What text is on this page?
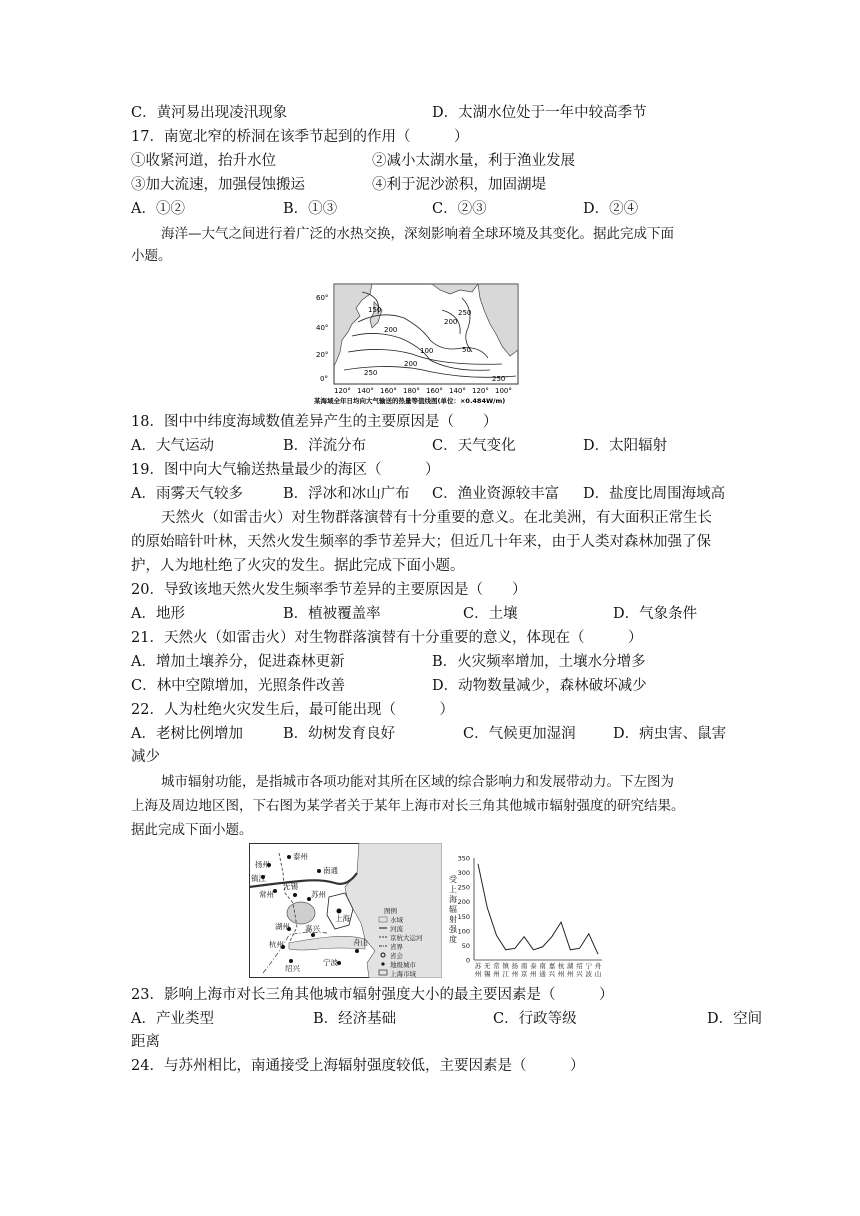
C．黄河易出现凌汛现象	D．太湖水位处于一年中较高季节
17．南宽北窄的桥洞在该季节起到的作用（　　　）
①收紧河道，抬升水位	②减小太湖水量，利于渔业发展
③加大流速，加强侵蚀搬运	④利于泥沙淤积，加固湖堤
A．①②	B．①③	C．②③	D．②④
海洋—大气之间进行着广泛的水热交换，深刻影响着全球环境及其变化。据此完成下面
小题。
150	250
200
200
100	50
250
250
200
60°
40°
20°
0°
120° 140° 160° 180° 160° 140° 120° 100°
某海域全年日均向大气输送的热量等值线图(单位：×0.484W/m)
18．图中中纬度海域数值差异产生的主要原因是（　　）
A．大气运动	B．洋流分布	C．天气变化	D．太阳辐射
19．图中向大气输送热量最少的海区（　　　）
A．雨雾天气较多	B．浮冰和冰山广布 C．渔业资源较丰富 D．盐度比周围海域高
天然火（如雷击火）对生物群落演替有十分重要的意义。在北美洲，有大面积正常生长
的原始暗针叶林，天然火发生频率的季节差异大；但近几十年来，由于人类对森林加强了保
护，人为地杜绝了火灾的发生。据此完成下面小题。
20．导致该地天然火发生频率季节差异的主要原因是（　　）
A．地形	B．植被覆盖率	C．土壤	D．气象条件
21．天然火（如雷击火）对生物群落演替有十分重要的意义，体现在（　　　）
A．增加土壤养分，促进森林更新	B．火灾频率增加，土壤水分增多
C．林中空隙增加，光照条件改善	D．动物数量减少，森林破坏减少
22．人为杜绝火灾发生后，最可能出现（　　　）
A．老树比例增加	B．幼树发育良好	C．气候更加湿润	D．病虫害、鼠害
减少
城市辐射功能，是指城市各项功能对其所在区域的综合影响力和发展带动力。下左图为
上海及周边地区图，下右图为某学者关于某年上海市对长三角其他城市辐射强度的研究结果。
据此完成下面小题。
扬州
泰州
镇江
南通
常州
无锡
苏州
湖州 嘉兴
杭州
绍兴
宁波
舟山
上海
图例
水域
河流
京杭大运河
省界
省会
地级城市
上海市域
受
上
海
辐
射
强
度
0
50
100
150
200
250
300
350
苏
州
无
锡
常
州
镇
江
扬
州
南
京
泰
州
南
通
嘉
兴
杭
州
湖
州
绍
兴
宁
波
舟
山
23．影响上海市对长三角其他城市辐射强度大小的最主要因素是（　　　）
A．产业类型	B．经济基础	C．行政等级	D．空间
距离
24．与苏州相比，南通接受上海辐射强度较低，主要因素是（　　　）
